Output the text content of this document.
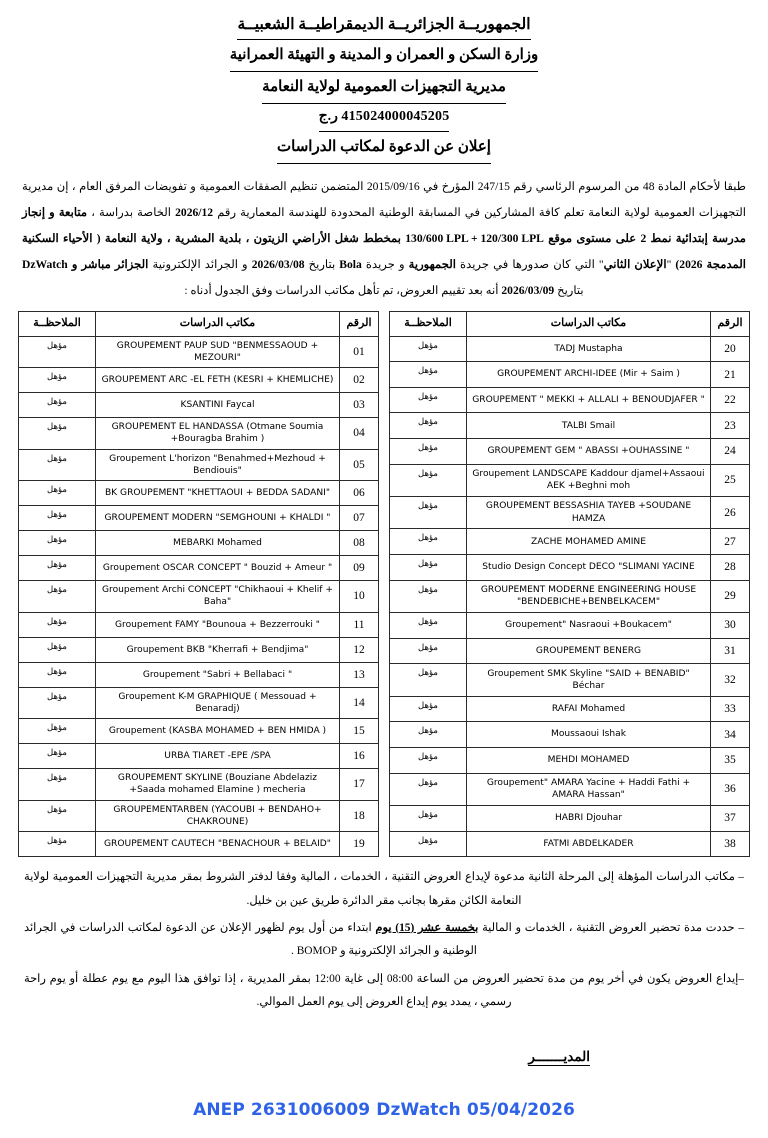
الجمهوريــة الجزائريــة الديمقراطيــة الشعبيــة
وزارة السكن و العمران و المدينة و التهيئة العمرانية
مديرية التجهيزات العمومية لولاية النعامة
415024000045205 ر.ج
إعلان عن الدعوة لمكاتب الدراسات
طبقا لأحكام المادة 48 من المرسوم الرئاسي رقم 247/15 المؤرخ في 2015/09/16 المتضمن تنظيم الصفقات العمومية و تفويضات المرفق العام ، إن مديرية التجهيزات العمومية لولاية النعامة تعلم كافة المشاركين في المسابقة الوطنية المحدودة للهندسة المعمارية رقم 2026/12 الخاصة بدراسة ، متابعة و إنجاز مدرسة إبتدائية نمط 2 على مستوى موقع 130/600 LPL + 120/300 LPL بمخطط شغل الأراضي الزيتون ، بلدية المشرية ، ولاية النعامة ( الأحياء السكنية المدمجة 2026) "الإعلان الثاني" التي كان صدورها في جريدة الجمهورية و جريدة Bola بتاريخ 2026/03/08 و الجرائد الإلكترونية الجزائر مباشر و DzWatch بتاريخ 2026/03/09 أنه بعد تقييم العروض، تم تأهل مكاتب الدراسات وفق الجدول أدناه :
الرقم	مكاتب الدراسات	الملاحظــة
01	GROUPEMENT PAUP SUD "BENMESSAOUD + MEZOURI"	مؤهل
02	GROUPEMENT ARC -EL FETH (KESRI + KHEMLICHE)	مؤهل
03	KSANTINI Faycal	مؤهل
04	GROUPEMENT EL HANDASSA (Otmane Soumia +Bouragba Brahim )	مؤهل
05	Groupement L'horizon "Benahmed+Mezhoud + Bendiouis"	مؤهل
06	BK GROUPEMENT "KHETTAOUI + BEDDA SADANI"	مؤهل
07	GROUPEMENT MODERN "SEMGHOUNI + KHALDI "	مؤهل
08	MEBARKI Mohamed	مؤهل
09	Groupement OSCAR CONCEPT " Bouzid + Ameur "	مؤهل
10	Groupement Archi CONCEPT "Chikhaoui + Khelif + Baha"	مؤهل
11	Groupement FAMY "Bounoua + Bezzerrouki "	مؤهل
12	Groupement BKB "Kherrafi + Bendjima"	مؤهل
13	Groupement "Sabri + Bellabaci "	مؤهل
14	Groupement K-M GRAPHIQUE ( Messouad + Benaradj)	مؤهل
15	Groupement (KASBA MOHAMED + BEN HMIDA )	مؤهل
16	URBA TIARET -EPE /SPA	مؤهل
17	GROUPEMENT SKYLINE (Bouziane Abdelaziz +Saada mohamed Elamine ) mecheria	مؤهل
18	GROUPEMENTARBEN (YACOUBI + BENDAHO+ CHAKROUNE)	مؤهل
19	GROUPEMENT CAUTECH "BENACHOUR + BELAID"	مؤهل
الرقم	مكاتب الدراسات	الملاحظــة
20	TADJ Mustapha	مؤهل
21	GROUPEMENT ARCHI-IDEE (Mir + Saim )	مؤهل
22	GROUPEMENT " MEKKI + ALLALI + BENOUDJAFER "	مؤهل
23	TALBI Smail	مؤهل
24	GROUPEMENT GEM " ABASSI +OUHASSINE "	مؤهل
25	Groupement LANDSCAPE Kaddour djamel+Assaoui AEK +Beghni moh	مؤهل
26	GROUPEMENT BESSASHIA TAYEB +SOUDANE HAMZA	مؤهل
27	ZACHE MOHAMED AMINE	مؤهل
28	Studio Design Concept DECO "SLIMANI YACINE	مؤهل
29	GROUPEMENT MODERNE ENGINEERING HOUSE "BENDEBICHE+BENBELKACEM"	مؤهل
30	Groupement" Nasraoui +Boukacem"	مؤهل
31	GROUPEMENT BENERG	مؤهل
32	Groupement SMK Skyline "SAID + BENABID" Béchar	مؤهل
33	RAFAI Mohamed	مؤهل
34	Moussaoui Ishak	مؤهل
35	MEHDI MOHAMED	مؤهل
36	Groupement" AMARA Yacine + Haddi Fathi + AMARA Hassan"	مؤهل
37	HABRI Djouhar	مؤهل
38	FATMI ABDELKADER	مؤهل
– مكاتب الدراسات المؤهلة إلى المرحلة الثانية مدعوة لإيداع العروض التقنية ، الخدمات ، المالية وفقا لدفتر الشروط بمقر مديرية التجهيزات العمومية لولاية النعامة الكائن مقرها بجانب مقر الدائرة طريق عين بن خليل.
– حددت مدة تحضير العروض التقنية ، الخدمات و المالية بخمسة عشر (15) يوم ابتداء من أول يوم لظهور الإعلان عن الدعوة لمكاتب الدراسات في الجرائد الوطنية و الجرائد الإلكترونية و BOMOP .
–إيداع العروض يكون في أخر يوم من مدة تحضير العروض من الساعة 08:00 إلى غاية 12:00 بمقر المديرية ، إذا توافق هذا اليوم مع يوم عطلة أو يوم راحة رسمي ، يمدد يوم إيداع العروض إلى يوم العمل الموالي.
المديـــــــر
ANEP 2631006009 DzWatch 05/04/2026
